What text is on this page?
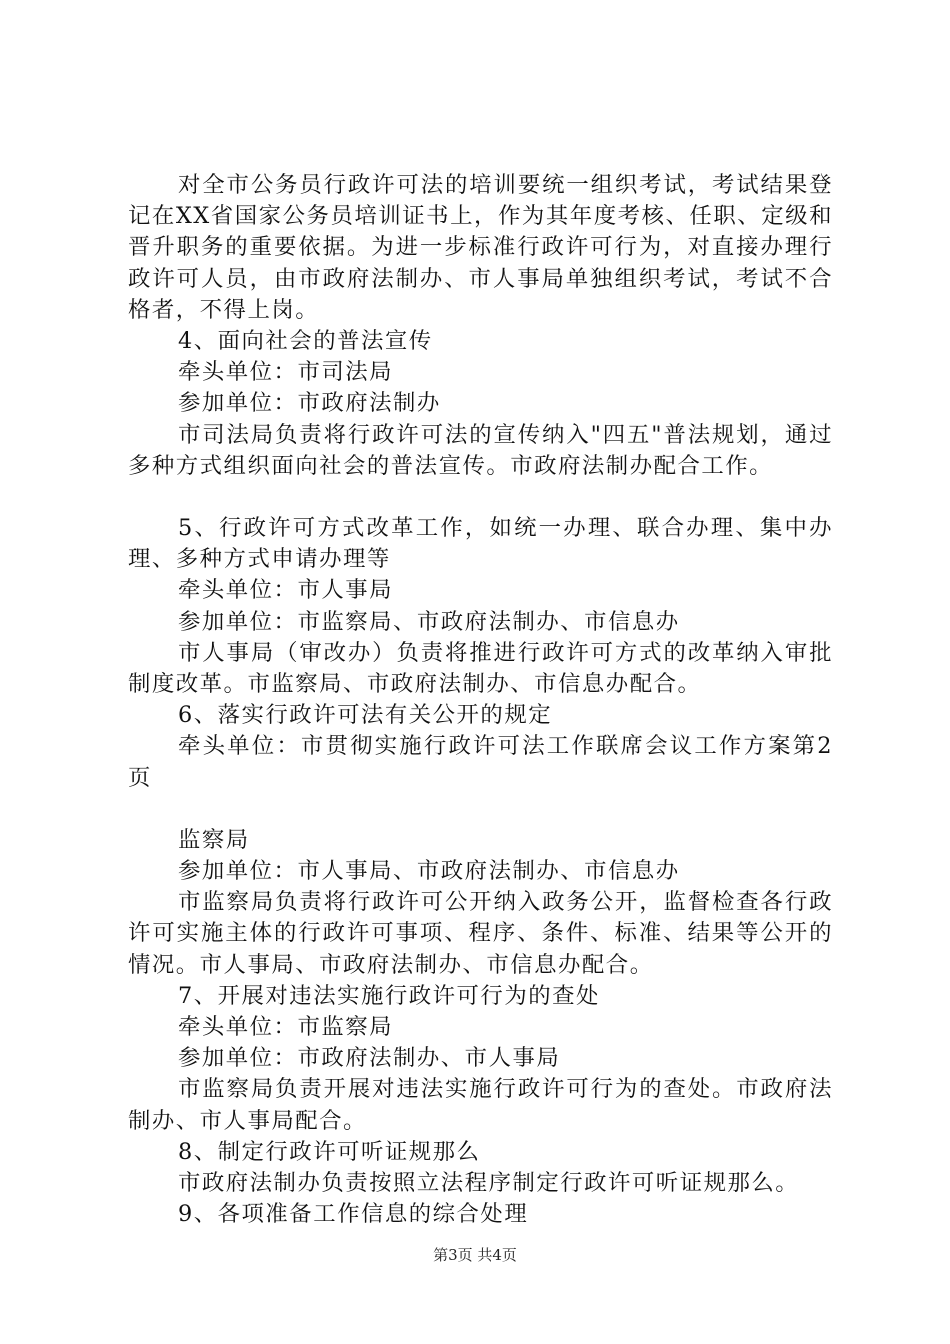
对全市公务员行政许可法的培训要统一组织考试，考试结果登记在XX省国家公务员培训证书上，作为其年度考核、任职、定级和晋升职务的重要依据。为进一步标准行政许可行为，对直接办理行政许可人员，由市政府法制办、市人事局单独组织考试，考试不合格者，不得上岗。

4、面向社会的普法宣传

牵头单位：市司法局

参加单位：市政府法制办

市司法局负责将行政许可法的宣传纳入"四五"普法规划，通过多种方式组织面向社会的普法宣传。市政府法制办配合工作。

5、行政许可方式改革工作，如统一办理、联合办理、集中办理、多种方式申请办理等

牵头单位：市人事局

参加单位：市监察局、市政府法制办、市信息办

市人事局（审改办）负责将推进行政许可方式的改革纳入审批制度改革。市监察局、市政府法制办、市信息办配合。

6、落实行政许可法有关公开的规定

牵头单位：市贯彻实施行政许可法工作联席会议工作方案第2页

监察局

参加单位：市人事局、市政府法制办、市信息办

市监察局负责将行政许可公开纳入政务公开，监督检查各行政许可实施主体的行政许可事项、程序、条件、标准、结果等公开的情况。市人事局、市政府法制办、市信息办配合。

7、开展对违法实施行政许可行为的查处

牵头单位：市监察局

参加单位：市政府法制办、市人事局

市监察局负责开展对违法实施行政许可行为的查处。市政府法制办、市人事局配合。

8、制定行政许可听证规那么

市政府法制办负责按照立法程序制定行政许可听证规那么。

9、各项准备工作信息的综合处理

第3页 共4页
